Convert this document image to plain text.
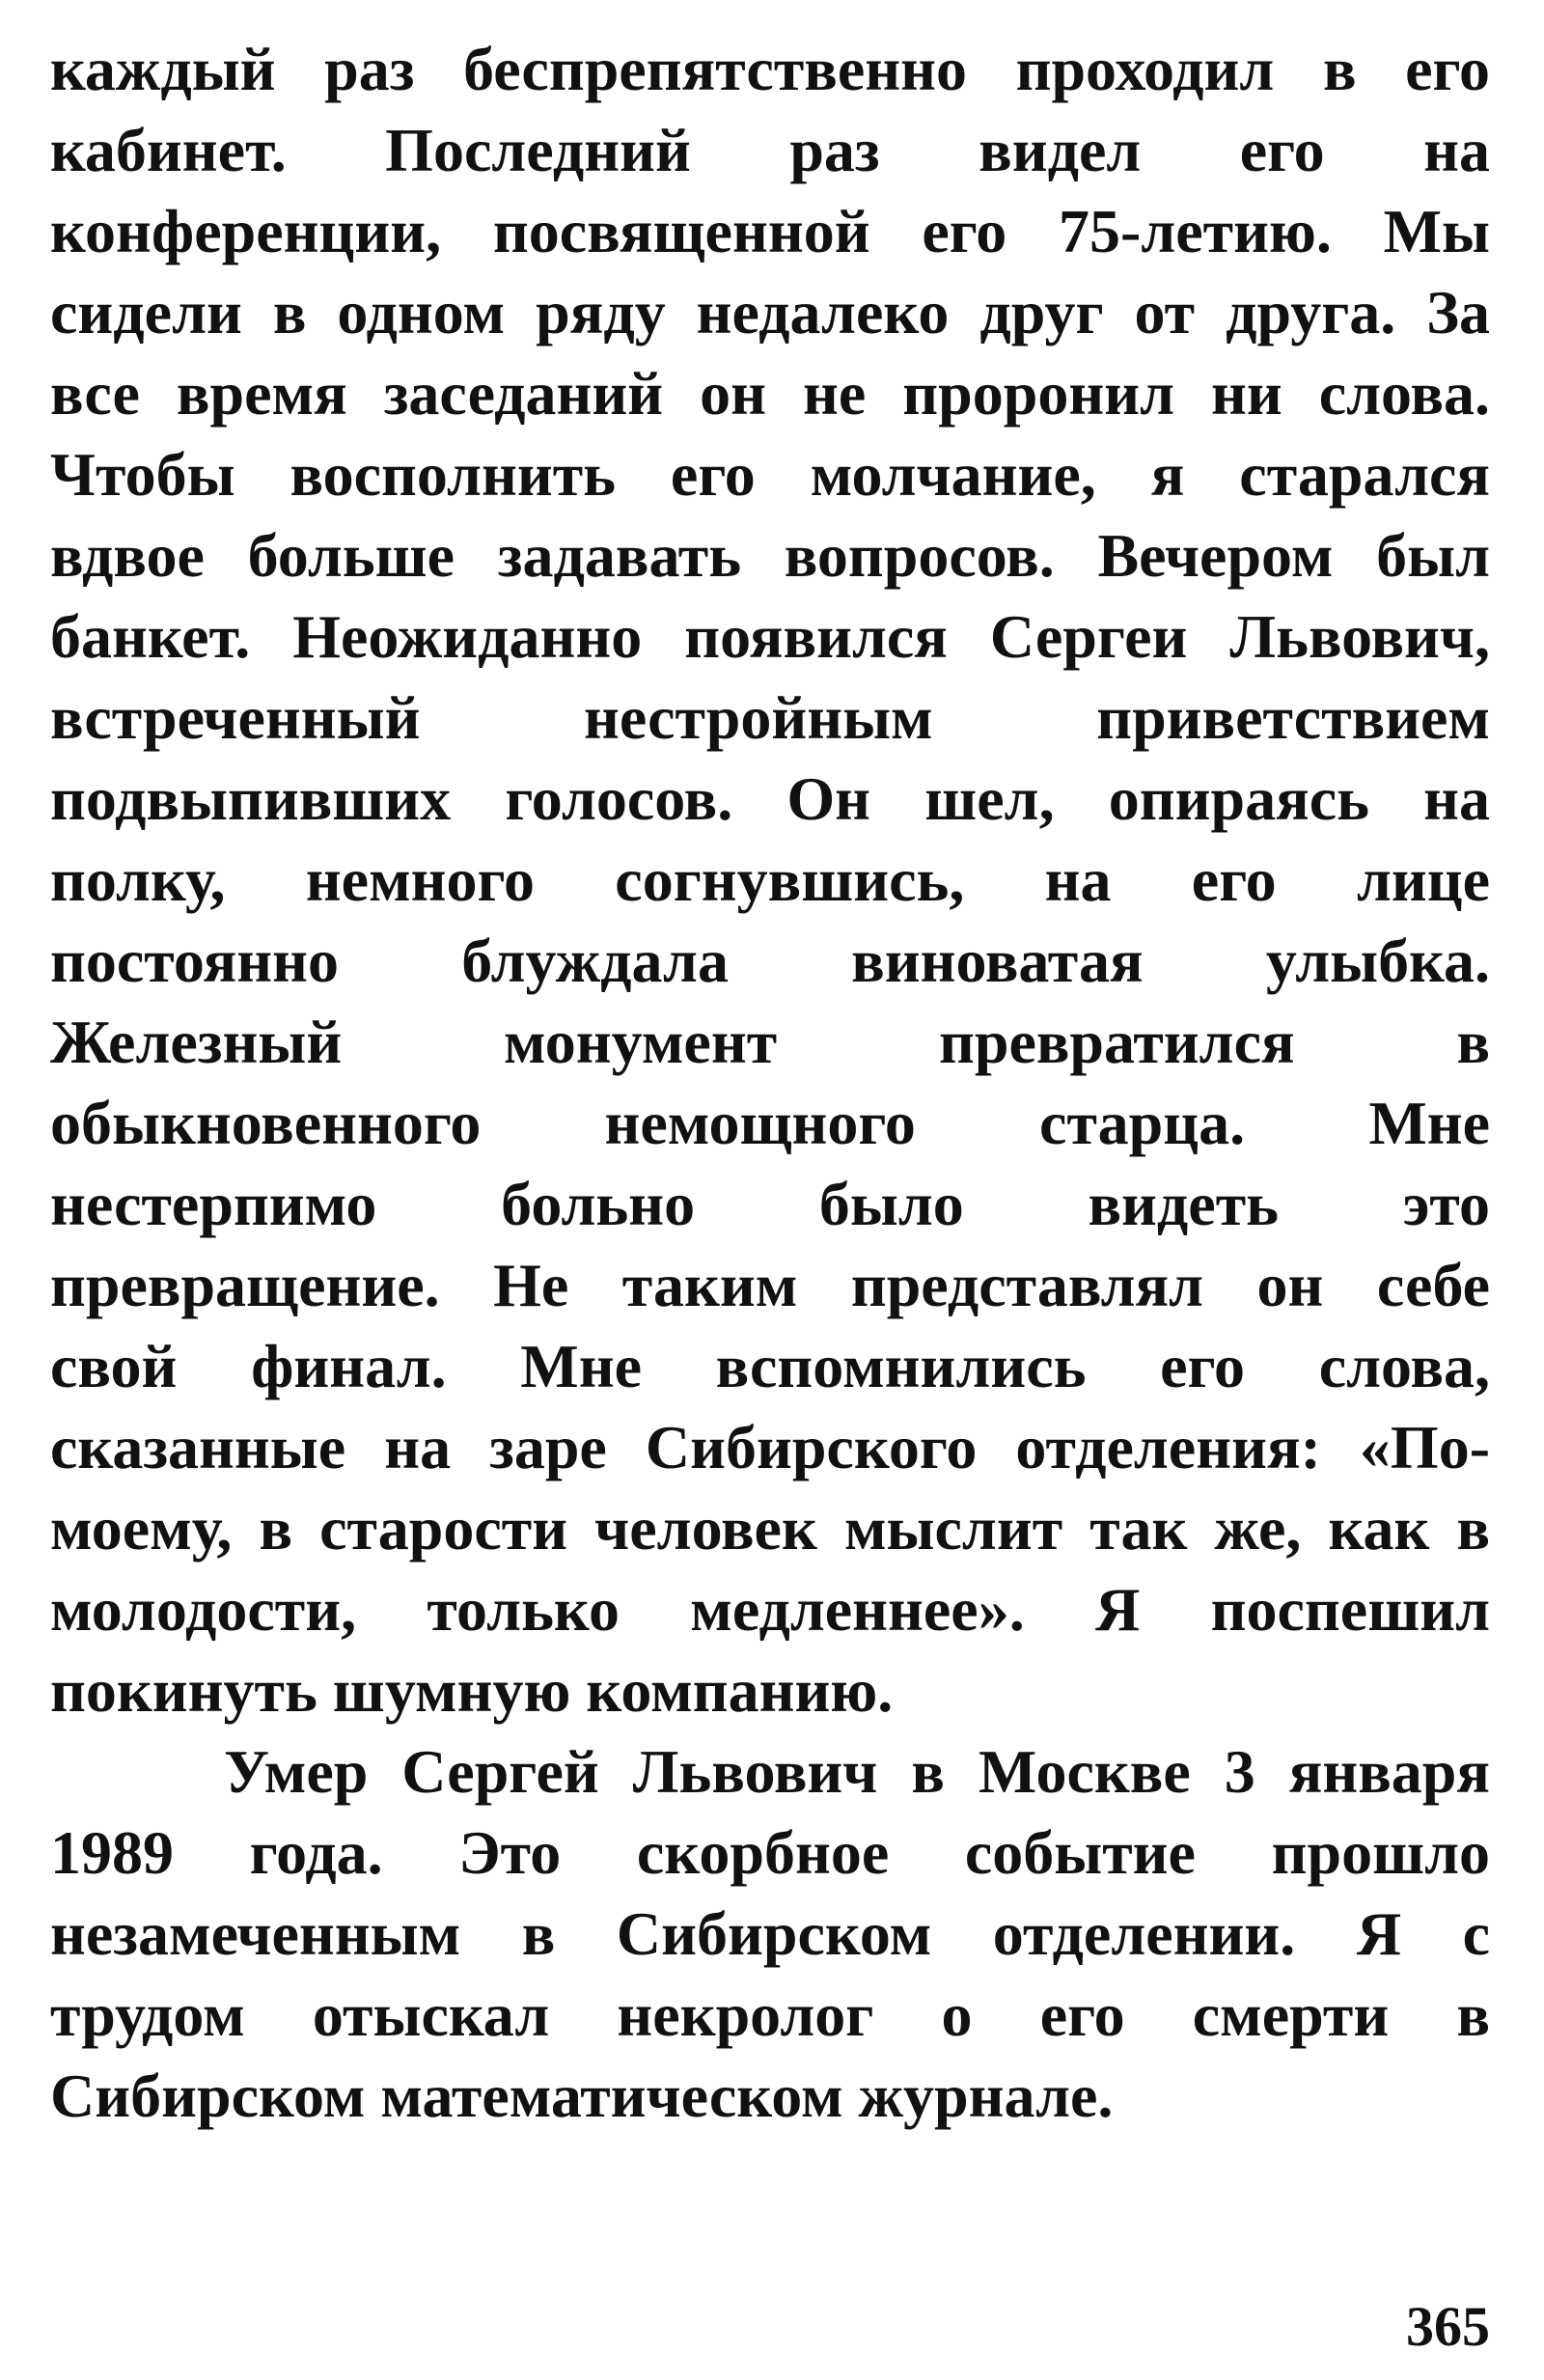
каждый раз беспрепятственно проходил в его
кабинет. Последний раз видел его на
конференции, посвященной его 75-летию. Мы
сидели в одном ряду недалеко друг от друга. За
все время заседаний он не проронил ни слова.
Чтобы восполнить его молчание, я старался
вдвое больше задавать вопросов. Вечером был
банкет. Неожиданно появился Сергеи Львович,
встреченный нестройным приветствием
подвыпивших голосов. Он шел, опираясь на
полку, немного согнувшись, на его лице
постоянно блуждала виноватая улыбка.
Железный монумент превратился в
обыкновенного немощного старца. Мне
нестерпимо больно было видеть это
превращение. Не таким представлял он себе
свой финал. Мне вспомнились его слова,
сказанные на заре Сибирского отделения: «По-
моему, в старости человек мыслит так же, как в
молодости, только медленнее». Я поспешил
покинуть шумную компанию.
Умер Сергей Львович в Москве 3 января
1989 года. Это скорбное событие прошло
незамеченным в Сибирском отделении. Я с
трудом отыскал некролог о его смерти в
Сибирском математическом журнале.
365
